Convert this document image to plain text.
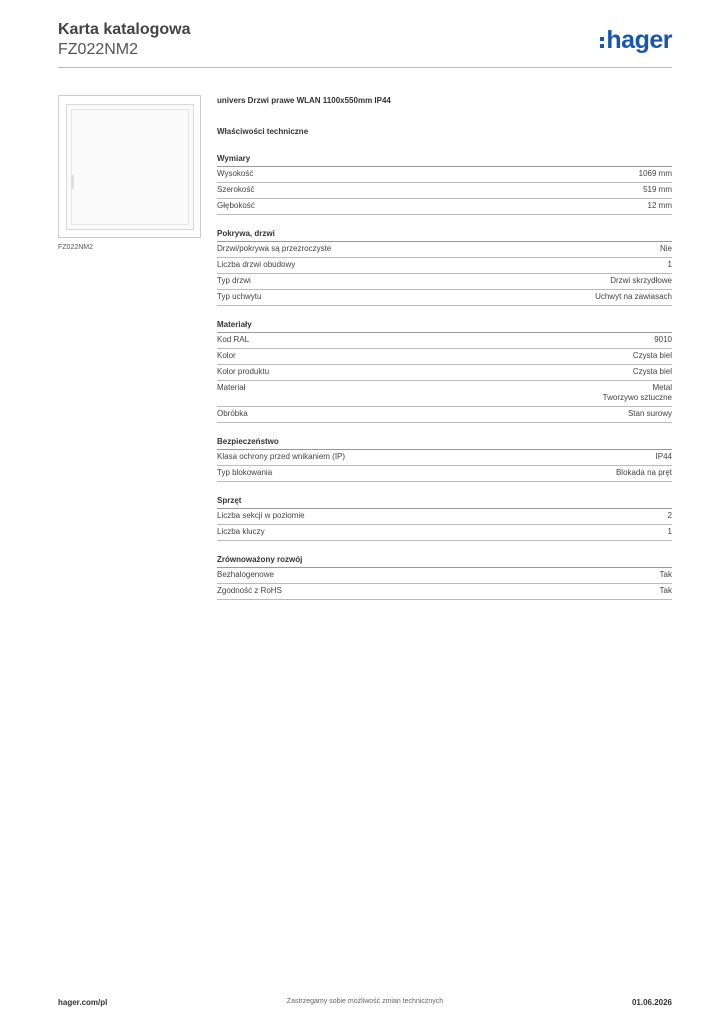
Karta katalogowa
FZ022NM2	hager
FZ022NM2
univers Drzwi prawe WLAN 1100x550mm IP44
Właściwości techniczne
Wymiary
Wysokość	1069 mm
Szerokość	519 mm
Głębokość	12 mm
Pokrywa, drzwi
Drzwi/pokrywa są przezroczyste	Nie
Liczba drzwi obudowy	1
Typ drzwi	Drzwi skrzydłowe
Typ uchwytu	Uchwyt na zawiasach
Materiały
Kod RAL	9010
Kolor	Czysta biel
Kolor produktu	Czysta biel
Materiał	Metal
Tworzywo sztuczne
Obróbka	Stan surowy
Bezpieczeństwo
Klasa ochrony przed wnikaniem (IP)	IP44
Typ blokowania	Blokada na pręt
Sprzęt
Liczba sekcji w poziomie	2
Liczba kluczy	1
Zrównoważony rozwój
Bezhalogenowe	Tak
Zgodność z RoHS	Tak
hager.com/pl	Zastrzegamy sobie możliwość zmian technicznych	01.06.2026
